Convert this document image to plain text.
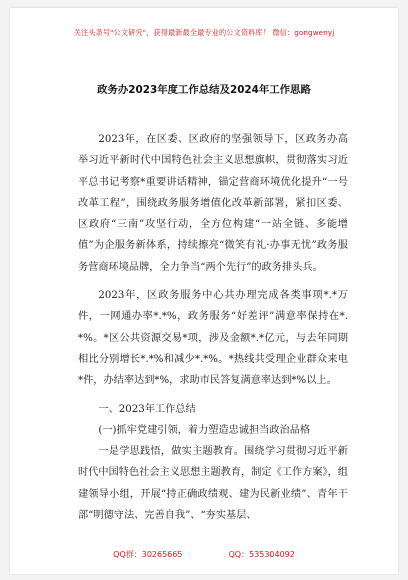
关注头条号"公文研究"，获得最新最全最专业的公文资料库！ 微信：gongwenyj
政务办2023年度工作总结及2024年工作思路

2023年，在区委、区政府的坚强领导下，区政务办高举习近平新时代中国特色社会主义思想旗帜，贯彻落实习近平总书记考察*重要讲话精神，锚定营商环境优化提升“一号改革工程”，围绕政务服务增值化改革新部署，紧扣区委、区政府“三南”攻坚行动，全方位构建“一站全链、多能增值”为企服务新体系，持续擦亮“微笑有礼·办事无忧”政务服务营商环境品牌，全力争当“两个先行”的政务排头兵。

2023年，区政务服务中心共办理完成各类事项*.*万件，一网通办率*.*%，政务服务“好差评”满意率保持在*.*%。*区公共资源交易*项，涉及金额*.*亿元，与去年同期相比分别增长*.*%和减少*.*%。*热线共受理企业群众来电*件，办结率达到*%，求助市民答复满意率达到*%以上。

一、2023年工作总结

(一)抓牢党建引领，着力塑造忠诚担当政治品格

一是学思践悟，做实主题教育。围绕学习贯彻习近平新时代中国特色社会主义思想主题教育，制定《工作方案》，组建领导小组，开展“持正确政绩观、建为民新业绩”、青年干部“明德守法、完善自我”、“夯实基层、

QQ群：30265665	QQ：535304092
